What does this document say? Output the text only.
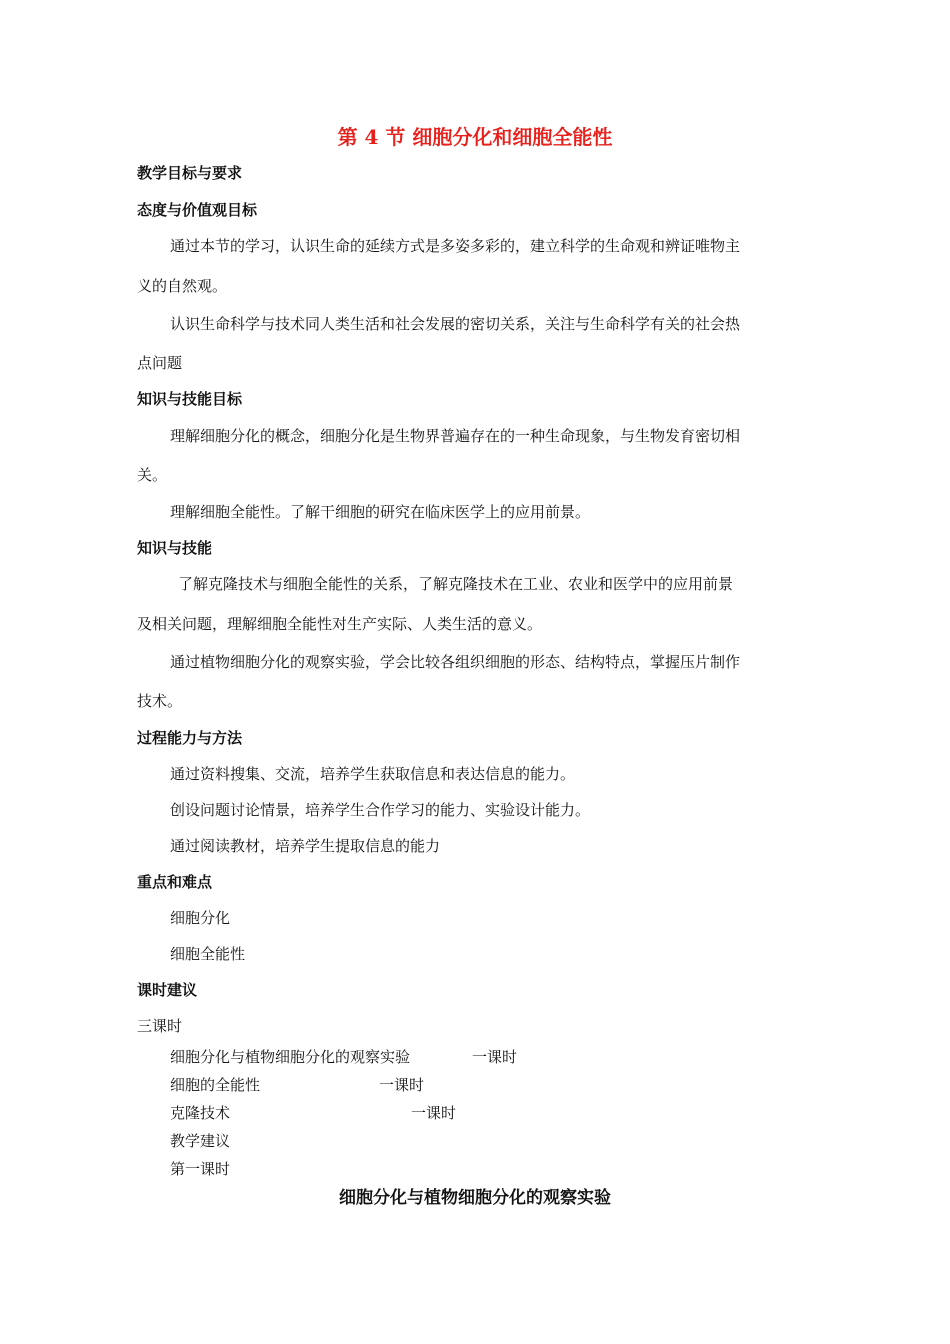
第 4 节 细胞分化和细胞全能性
教学目标与要求
态度与价值观目标
通过本节的学习，认识生命的延续方式是多姿多彩的，建立科学的生命观和辨证唯物主
义的自然观。
认识生命科学与技术同人类生活和社会发展的密切关系，关注与生命科学有关的社会热
点问题
知识与技能目标
理解细胞分化的概念，细胞分化是生物界普遍存在的一种生命现象，与生物发育密切相
关。
理解细胞全能性。了解干细胞的研究在临床医学上的应用前景。
知识与技能
了解克隆技术与细胞全能性的关系，了解克隆技术在工业、农业和医学中的应用前景
及相关问题，理解细胞全能性对生产实际、人类生活的意义。
通过植物细胞分化的观察实验，学会比较各组织细胞的形态、结构特点，掌握压片制作
技术。
过程能力与方法
通过资料搜集、交流，培养学生获取信息和表达信息的能力。
创设问题讨论情景，培养学生合作学习的能力、实验设计能力。
通过阅读教材，培养学生提取信息的能力
重点和难点
细胞分化
细胞全能性
课时建议
三课时
细胞分化与植物细胞分化的观察实验	一课时
细胞的全能性	一课时
克隆技术	一课时
教学建议
第一课时
细胞分化与植物细胞分化的观察实验
